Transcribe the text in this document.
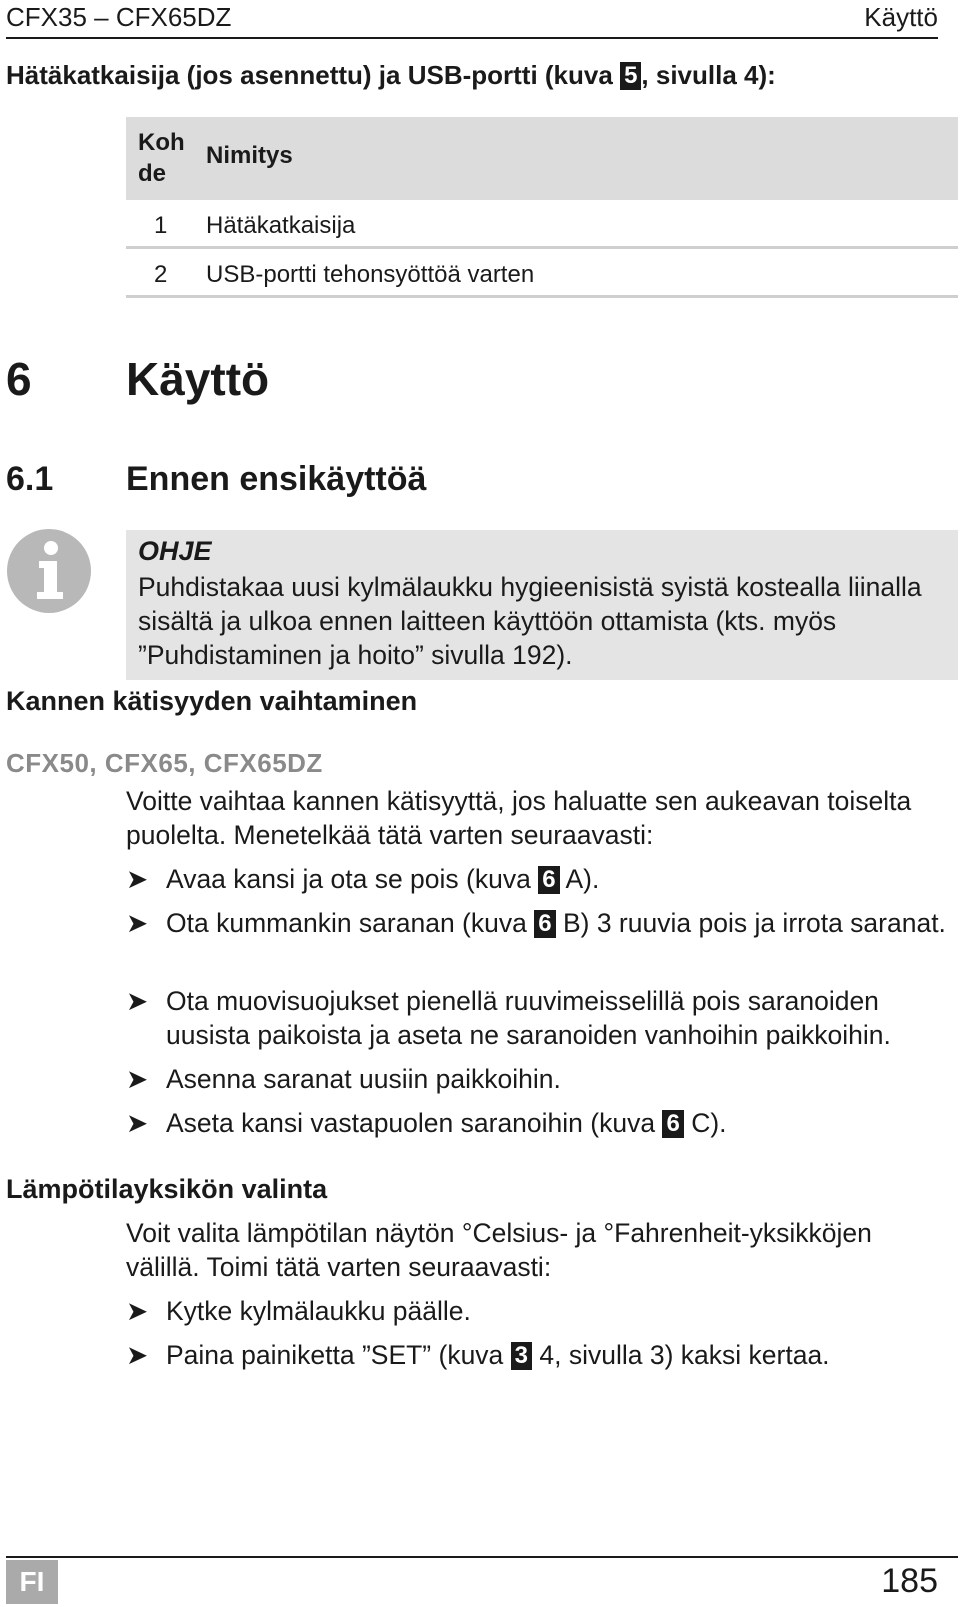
CFX35 – CFX65DZ	Käyttö
Hätäkatkaisija (jos asennettu) ja USB-portti (kuva 5 , sivulla 4):
Koh
de
Nimitys
1 Hätäkatkaisija
2 USB-portti tehonsyöttöä varten
6 Käyttö
6.1 Ennen ensikäyttöä
OHJE
Puhdistakaa uusi kylmälaukku hygieenisistä syistä kostealla liinalla sisältä ja ulkoa ennen laitteen käyttöön ottamista (kts. myös ”Puhdistaminen ja hoito” sivulla 192).
Kannen kätisyyden vaihtaminen
CFX50, CFX65, CFX65DZ
Voitte vaihtaa kannen kätisyyttä, jos haluatte sen aukeavan toiselta puolelta. Menetelkää tätä varten seuraavasti:
➤ Avaa kansi ja ota se pois (kuva 6 A).
➤ Ota kummankin saranan (kuva 6 B) 3 ruuvia pois ja irrota saranat.
➤ Ota muovisuojukset pienellä ruuvimeisselillä pois saranoiden uusista paikoista ja aseta ne saranoiden vanhoihin paikkoihin.
➤ Asenna saranat uusiin paikkoihin.
➤ Aseta kansi vastapuolen saranoihin (kuva 6 C).
Lämpötilayksikön valinta
Voit valita lämpötilan näytön °Celsius- ja °Fahrenheit-yksikköjen välillä. Toimi tätä varten seuraavasti:
➤ Kytke kylmälaukku päälle.
➤ Paina painiketta ”SET” (kuva 3 4, sivulla 3) kaksi kertaa.
FI	185
